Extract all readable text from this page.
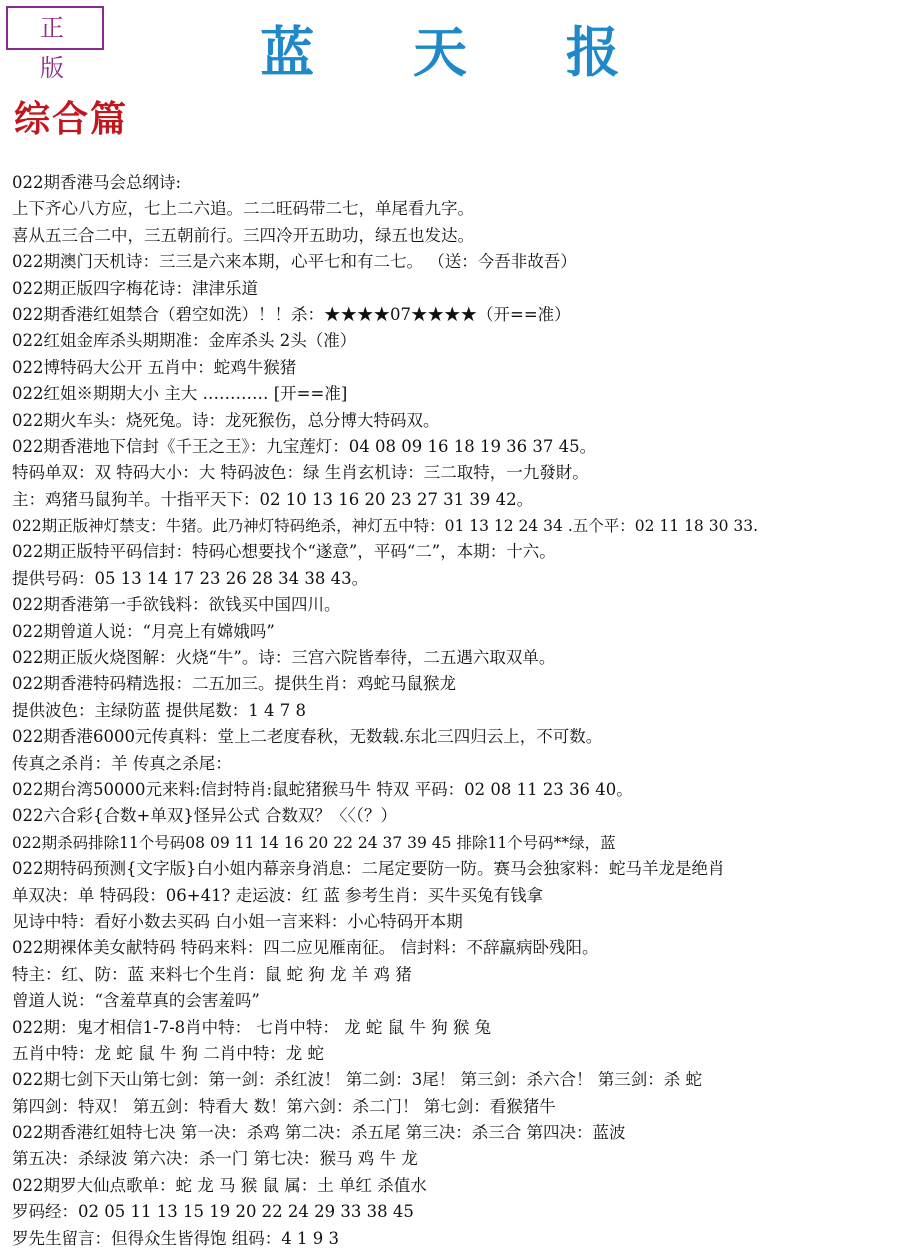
正 版	蓝 天 报
综合篇
022期香港马会总纲诗:
上下齐心八方应，七上二六追。二二旺码带二七，单尾看九字。
喜从五三合二中，三五朝前行。三四冷开五助功，绿五也发达。
022期澳门天机诗：三三是六来本期，心平七和有二七。 （送：今吾非故吾）
022期正版四字梅花诗：津津乐道
022期香港红姐禁合（碧空如洗）！！杀：★★★★07★★★★（开==准）
022红姐金库杀头期期准：金库杀头 2头（准）
022博特码大公开 五肖中：蛇鸡牛猴猪
022红姐※期期大小 主大 ………… [开==准]
022期火车头：烧死兔。诗：龙死猴伤，总分博大特码双。
022期香港地下信封《千王之王》：九宝莲灯：04 08 09 16 18 19 36 37 45。
特码单双：双 特码大小：大 特码波色：绿 生肖玄机诗：三二取特，一九發財。
主：鸡猪马鼠狗羊。十指平天下：02 10 13 16 20 23 27 31 39 42。
022期正版神灯禁支：牛猪。此乃神灯特码绝杀，神灯五中特：01 13 12 24 34 .五个平：02 11 18 30 33.
022期正版特平码信封：特码心想要找个“遂意”，平码“二”，本期：十六。
提供号码：05 13 14 17 23 26 28 34 38 43。
022期香港第一手欲钱料：欲钱买中国四川。
022期曾道人说：“月亮上有嫦娥吗”
022期正版火烧图解：火烧“牛”。诗：三宫六院皆奉待，二五遇六取双单。
022期香港特码精选报：二五加三。提供生肖：鸡蛇马鼠猴龙
提供波色：主绿防蓝 提供尾数：1 4 7 8
022期香港6000元传真料：堂上二老度春秋，无数载.东北三四归云上，不可数。
传真之杀肖：羊 传真之杀尾：
022期台湾50000元来料:信封特肖:鼠蛇猪猴马牛 特双 平码：02 08 11 23 36 40。
022六合彩{合数+单双}怪异公式 合数双？〈〈（？）
022期杀码排除11个号码08 09 11 14 16 20 22 24 37 39 45 排除11个号码**绿，蓝
022期特码预测{文字版}白小姐内幕亲身消息：二尾定要防一防。赛马会独家料：蛇马羊龙是绝肖
单双决：单 特码段：06+41? 走运波：红 蓝 参考生肖：买牛买兔有钱拿
见诗中特：看好小数去买码 白小姐一言来料：小心特码开本期
022期裸体美女献特码 特码来料：四二应见雁南征。 信封料：不辞羸病卧残阳。
特主：红、防：蓝 来料七个生肖：鼠 蛇 狗 龙 羊 鸡 猪
曾道人说：“含羞草真的会害羞吗”
022期：鬼才相信1-7-8肖中特： 七肖中特： 龙 蛇 鼠 牛 狗 猴 兔
五肖中特：龙 蛇 鼠 牛 狗 二肖中特：龙 蛇
022期七剑下天山第七剑：第一剑：杀红波！ 第二剑：3尾！ 第三剑：杀六合！ 第三剑：杀 蛇
第四剑：特双！ 第五剑：特看大 数！第六剑：杀二门！ 第七剑：看猴猪牛
022期香港红姐特七决 第一决：杀鸡 第二决：杀五尾 第三决：杀三合 第四决：蓝波
第五决：杀绿波 第六决：杀一门 第七决：猴马 鸡 牛 龙
022期罗大仙点歌单：蛇 龙 马 猴 鼠 属：土 单红 杀值水
罗码经：02 05 11 13 15 19 20 22 24 29 33 38 45
罗先生留言：但得众生皆得饱 组码：4 1 9 3
